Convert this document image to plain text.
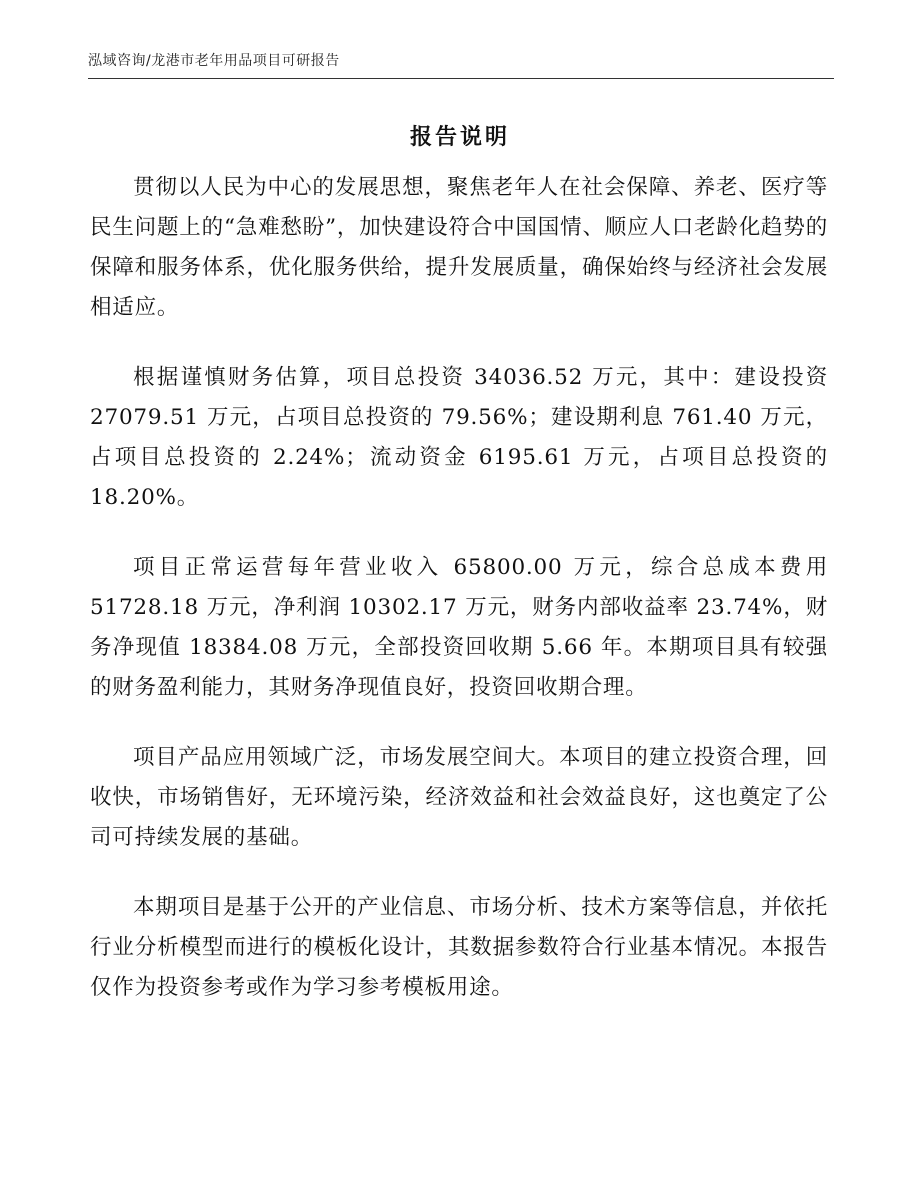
泓域咨询/龙港市老年用品项目可研报告
报告说明

贯彻以人民为中心的发展思想，聚焦老年人在社会保障、养老、医疗等民生问题上的“急难愁盼”，加快建设符合中国国情、顺应人口老龄化趋势的保障和服务体系，优化服务供给，提升发展质量，确保始终与经济社会发展相适应。

根据谨慎财务估算，项目总投资 34036.52 万元，其中：建设投资 27079.51 万元，占项目总投资的 79.56%；建设期利息 761.40 万元，占项目总投资的 2.24%；流动资金 6195.61 万元，占项目总投资的 18.20%。

项目正常运营每年营业收入 65800.00 万元，综合总成本费用 51728.18 万元，净利润 10302.17 万元，财务内部收益率 23.74%，财务净现值 18384.08 万元，全部投资回收期 5.66 年。本期项目具有较强的财务盈利能力，其财务净现值良好，投资回收期合理。

项目产品应用领域广泛，市场发展空间大。本项目的建立投资合理，回收快，市场销售好，无环境污染，经济效益和社会效益良好，这也奠定了公司可持续发展的基础。

本期项目是基于公开的产业信息、市场分析、技术方案等信息，并依托行业分析模型而进行的模板化设计，其数据参数符合行业基本情况。本报告仅作为投资参考或作为学习参考模板用途。
